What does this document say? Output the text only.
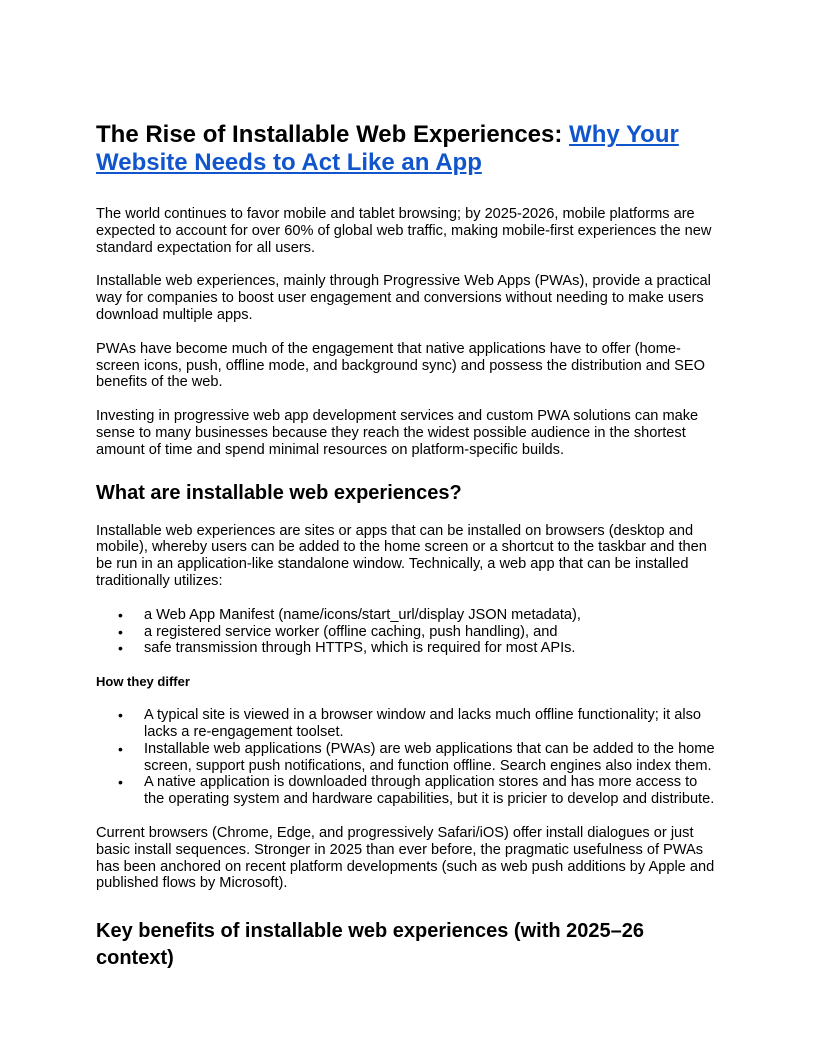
The Rise of Installable Web Experiences: Why Your Website Needs to Act Like an App

The world continues to favor mobile and tablet browsing; by 2025-2026, mobile platforms are expected to account for over 60% of global web traffic, making mobile-first experiences the new standard expectation for all users.

Installable web experiences, mainly through Progressive Web Apps (PWAs), provide a practical way for companies to boost user engagement and conversions without needing to make users download multiple apps.

PWAs have become much of the engagement that native applications have to offer (home-screen icons, push, offline mode, and background sync) and possess the distribution and SEO benefits of the web.

Investing in progressive web app development services and custom PWA solutions can make sense to many businesses because they reach the widest possible audience in the shortest amount of time and spend minimal resources on platform-specific builds.

What are installable web experiences?

Installable web experiences are sites or apps that can be installed on browsers (desktop and mobile), whereby users can be added to the home screen or a shortcut to the taskbar and then be run in an application-like standalone window. Technically, a web app that can be installed traditionally utilizes:

• a Web App Manifest (name/icons/start_url/display JSON metadata),
• a registered service worker (offline caching, push handling), and
• safe transmission through HTTPS, which is required for most APIs.
How they differ
• A typical site is viewed in a browser window and lacks much offline functionality; it also lacks a re-engagement toolset.
• Installable web applications (PWAs) are web applications that can be added to the home screen, support push notifications, and function offline. Search engines also index them.
• A native application is downloaded through application stores and has more access to the operating system and hardware capabilities, but it is pricier to develop and distribute.

Current browsers (Chrome, Edge, and progressively Safari/iOS) offer install dialogues or just basic install sequences. Stronger in 2025 than ever before, the pragmatic usefulness of PWAs has been anchored on recent platform developments (such as web push additions by Apple and published flows by Microsoft).

Key benefits of installable web experiences (with 2025–26 context)
